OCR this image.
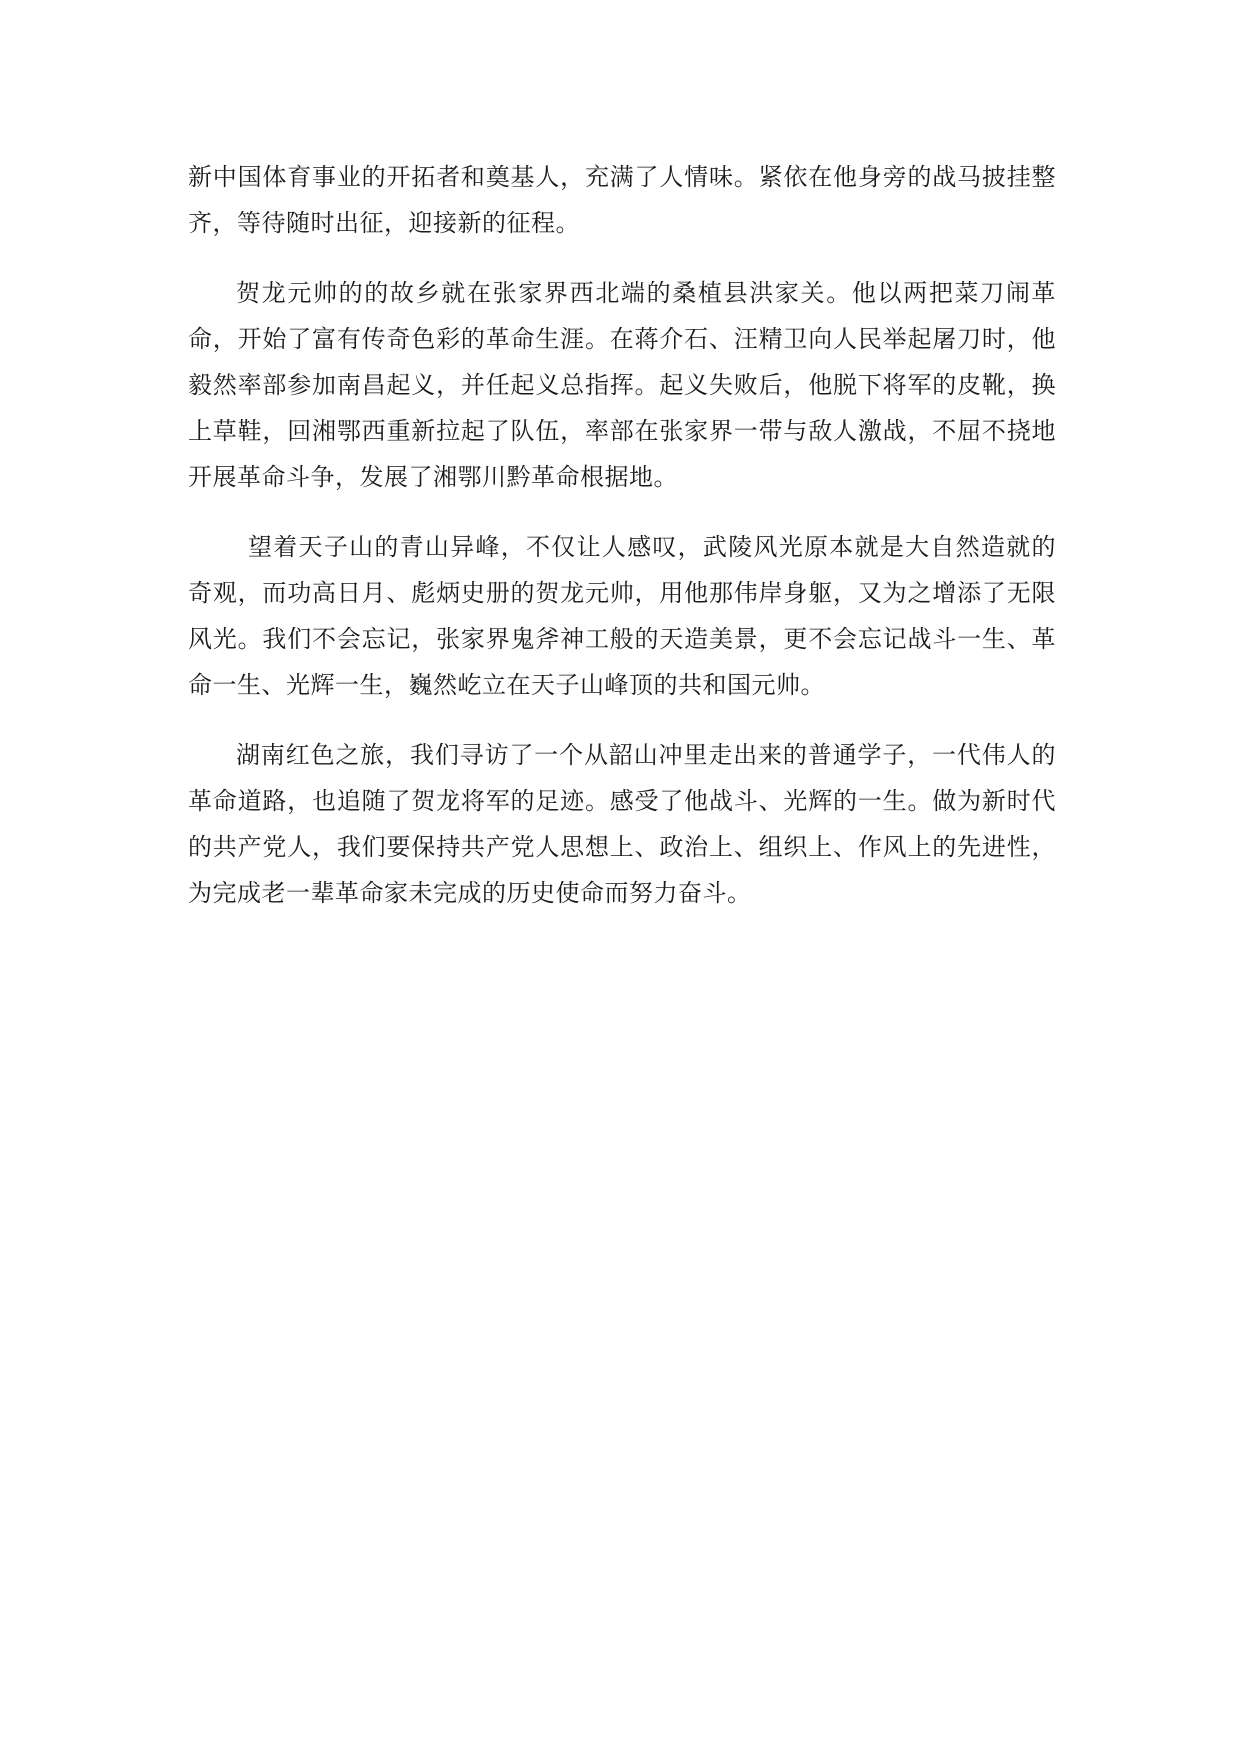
新中国体育事业的开拓者和奠基人，充满了人情味。紧依在他身旁的战马披挂整齐，等待随时出征，迎接新的征程。

贺龙元帅的的故乡就在张家界西北端的桑植县洪家关。他以两把菜刀闹革命，开始了富有传奇色彩的革命生涯。在蒋介石、汪精卫向人民举起屠刀时，他毅然率部参加南昌起义，并任起义总指挥。起义失败后，他脱下将军的皮靴，换上草鞋，回湘鄂西重新拉起了队伍，率部在张家界一带与敌人激战，不屈不挠地开展革命斗争，发展了湘鄂川黔革命根据地。

望着天子山的青山异峰，不仅让人感叹，武陵风光原本就是大自然造就的奇观，而功高日月、彪炳史册的贺龙元帅，用他那伟岸身躯，又为之增添了无限风光。我们不会忘记，张家界鬼斧神工般的天造美景，更不会忘记战斗一生、革命一生、光辉一生，巍然屹立在天子山峰顶的共和国元帅。

湖南红色之旅，我们寻访了一个从韶山冲里走出来的普通学子，一代伟人的革命道路，也追随了贺龙将军的足迹。感受了他战斗、光辉的一生。做为新时代的共产党人，我们要保持共产党人思想上、政治上、组织上、作风上的先进性，为完成老一辈革命家未完成的历史使命而努力奋斗。
